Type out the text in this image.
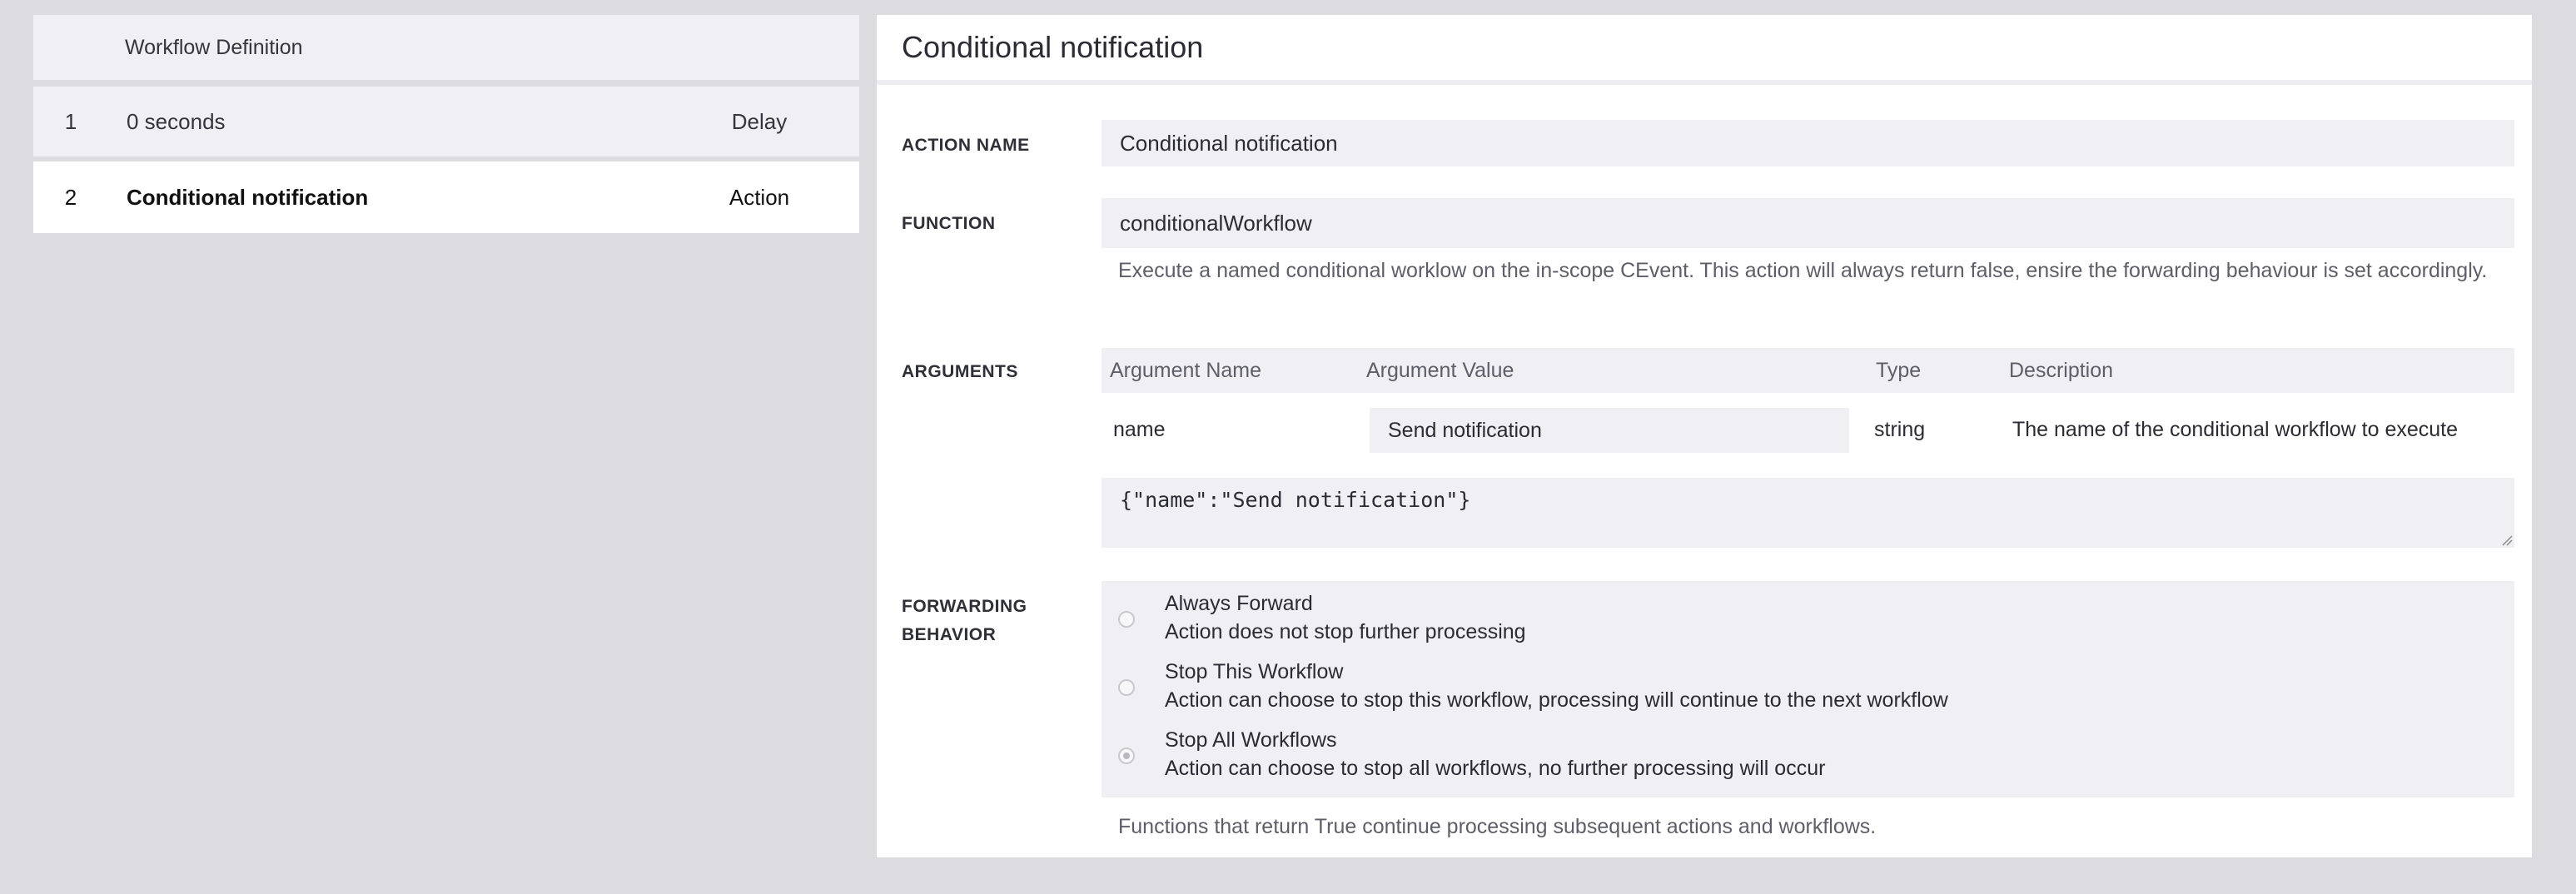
Workflow Definition
1	0 seconds	Delay
2	Conditional notification	Action
Conditional notification
ACTION NAME	Conditional notification
FUNCTION	conditionalWorkflow
Execute a named conditional worklow on the in-scope CEvent. This action will always return false, ensire the forwarding behaviour is set accordingly.
ARGUMENTS	Argument Name	Argument Value	Type	Description
name	Send notification	string	The name of the conditional workflow to execute
{"name":"Send notification"}
FORWARDING
BEHAVIOR
Always Forward
Action does not stop further processing
Stop This Workflow
Action can choose to stop this workflow, processing will continue to the next workflow
Stop All Workflows
Action can choose to stop all workflows, no further processing will occur
Functions that return True continue processing subsequent actions and workflows.
